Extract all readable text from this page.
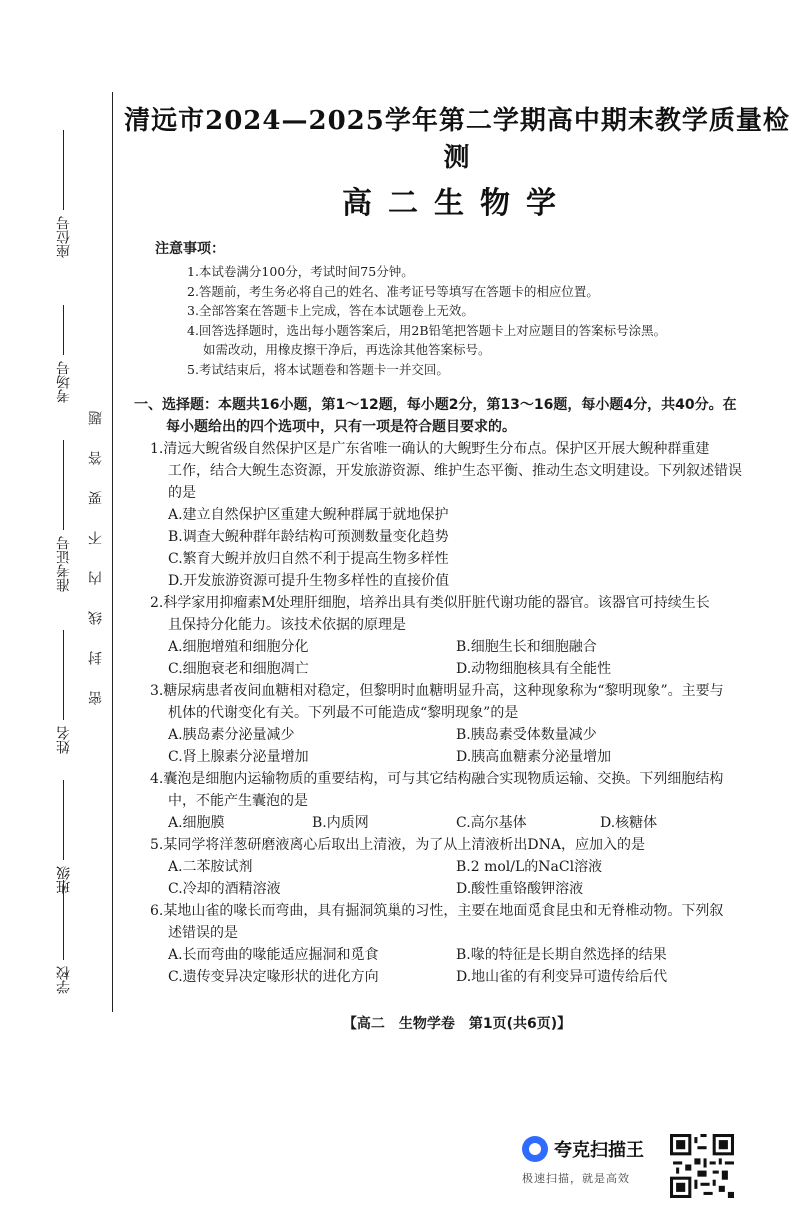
座位号
考场号
准考证号
姓名
班级
学校
密封线内不要答题
清远市2024—2025学年第二学期高中期末教学质量检测
高二生物学
注意事项：
1.本试卷满分100分，考试时间75分钟。
2.答题前，考生务必将自己的姓名、准考证号等填写在答题卡的相应位置。
3.全部答案在答题卡上完成，答在本试题卷上无效。
4.回答选择题时，选出每小题答案后，用2B铅笔把答题卡上对应题目的答案标号涂黑。
如需改动，用橡皮擦干净后，再选涂其他答案标号。
5.考试结束后，将本试题卷和答题卡一并交回。
一、选择题：本题共16小题，第1～12题，每小题2分，第13～16题，每小题4分，共40分。在
每小题给出的四个选项中，只有一项是符合题目要求的。
1.清远大鲵省级自然保护区是广东省唯一确认的大鲵野生分布点。保护区开展大鲵种群重建
工作，结合大鲵生态资源，开发旅游资源、维护生态平衡、推动生态文明建设。下列叙述错误
的是
A.建立自然保护区重建大鲵种群属于就地保护
B.调查大鲵种群年龄结构可预测数量变化趋势
C.繁育大鲵并放归自然不利于提高生物多样性
D.开发旅游资源可提升生物多样性的直接价值
2.科学家用抑瘤素M处理肝细胞，培养出具有类似肝脏代谢功能的器官。该器官可持续生长
且保持分化能力。该技术依据的原理是
A.细胞增殖和细胞分化	B.细胞生长和细胞融合
C.细胞衰老和细胞凋亡	D.动物细胞核具有全能性
3.糖尿病患者夜间血糖相对稳定，但黎明时血糖明显升高，这种现象称为“黎明现象”。主要与
机体的代谢变化有关。下列最不可能造成“黎明现象”的是
A.胰岛素分泌量减少	B.胰岛素受体数量减少
C.肾上腺素分泌量增加	D.胰高血糖素分泌量增加
4.囊泡是细胞内运输物质的重要结构，可与其它结构融合实现物质运输、交换。下列细胞结构
中，不能产生囊泡的是
A.细胞膜	B.内质网	C.高尔基体	D.核糖体
5.某同学将洋葱研磨液离心后取出上清液，为了从上清液析出DNA，应加入的是
A.二苯胺试剂	B.2 mol/L的NaCl溶液
C.冷却的酒精溶液	D.酸性重铬酸钾溶液
6.某地山雀的喙长而弯曲，具有掘洞筑巢的习性，主要在地面觅食昆虫和无脊椎动物。下列叙
述错误的是
A.长而弯曲的喙能适应掘洞和觅食	B.喙的特征是长期自然选择的结果
C.遗传变异决定喙形状的进化方向	D.地山雀的有利变异可遗传给后代
【高二　生物学卷　第1页(共6页)】
夸克扫描王
极速扫描，就是高效
